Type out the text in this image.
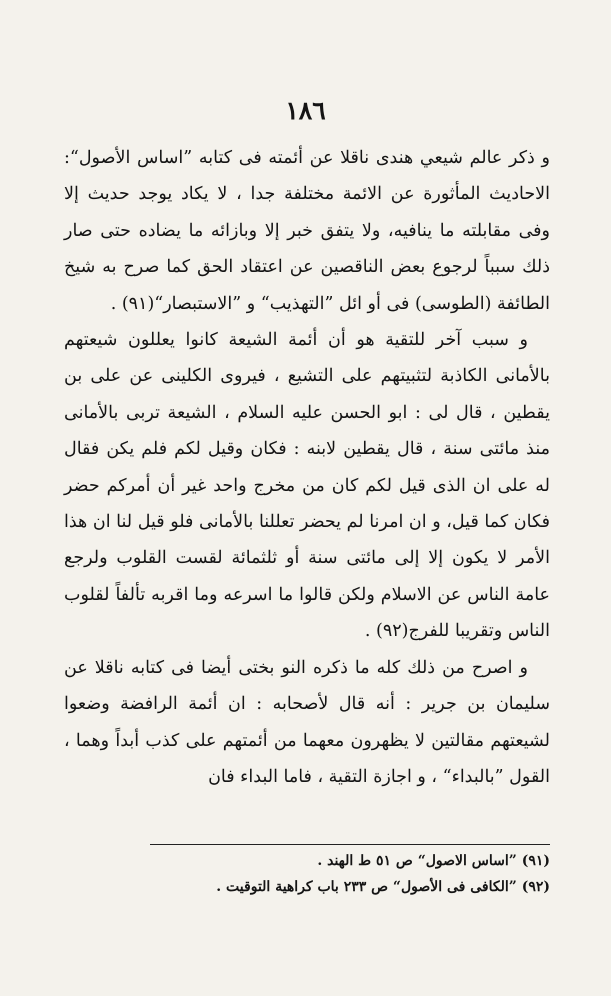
١٨٦

و ذكر عالم شيعي هندى ناقلا عن أئمته فى كتابه ”اساس الأصول“: الاحاديث المأثورة عن الائمة مختلفة جدا ، لا يكاد يوجد حديث إلا وفى مقابلته ما ينافيه، ولا يتفق خبر إلا وبازائه ما يضاده حتى صار ذلك سبباً لرجوع بعض الناقصين عن اعتقاد الحق كما صرح به شيخ الطائفة (الطوسى) فى أو ائل ”التهذيب“ و ”الاستبصار“(٩١) .

و سبب آخر للتقية هو أن أئمة الشيعة كانوا يعللون شيعتهم بالأمانى الكاذبة لتثبيتهم على التشيع ، فيروى الكلينى عن على بن يقطين ، قال لى : ابو الحسن عليه السلام ، الشيعة تربى بالأمانى منذ مائتى سنة ، قال يقطين لابنه : فكان وقيل لكم فلم يكن فقال له على ان الذى قيل لكم كان من مخرج واحد غير أن أمركم حضر فكان كما قيل، و ان امرنا لم يحضر تعللنا بالأمانى فلو قيل لنا ان هذا الأمر لا يكون إلا إلى مائتى سنة أو ثلثمائة لقست القلوب ولرجع عامة الناس عن الاسلام ولكن قالوا ما اسرعه وما اقربه تألفاً لقلوب الناس وتقريبا للفرج(٩٢) .

و اصرح من ذلك كله ما ذكره النو بختى أيضا فى كتابه ناقلا عن سليمان بن جرير : أنه قال لأصحابه : ان أئمة الرافضة وضعوا لشيعتهم مقالتين لا يظهرون معهما من أئمتهم على كذب أبداً وهما ، القول ”بالبداء“ ، و اجازة التقية ، فاما البداء فان

(٩١) ”اساس الاصول“ ص ٥١ ط الهند .

(٩٢) ”الكافى فى الأصول“ ص ٢٣٣ باب كراهية التوقيت .
